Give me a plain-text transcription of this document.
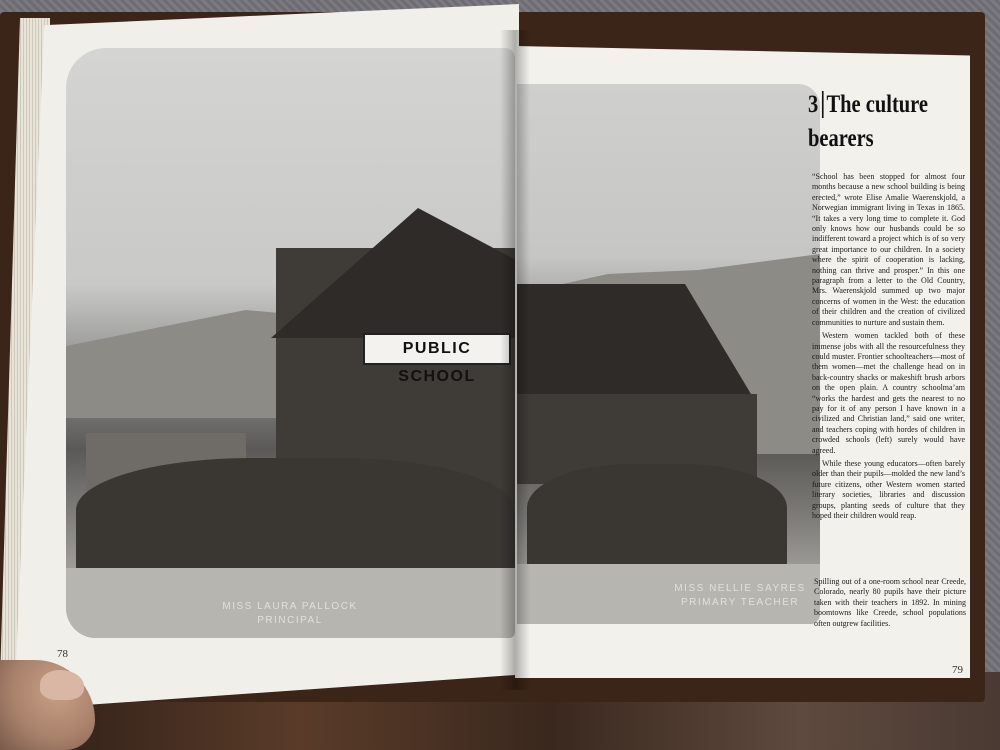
PUBLIC SCHOOL
MISS LAURA PALLOCK
PRINCIPAL
MISS NELLIE SAYRES
PRIMARY TEACHER
3 The culture
bearers

“School has been stopped for almost four months because a new school building is being erected,” wrote Elise Amalie Waerenskjold, a Norwegian immigrant living in Texas in 1865. “It takes a very long time to complete it. God only knows how our husbands could be so indifferent toward a project which is of so very great importance to our children. In a society where the spirit of cooperation is lacking, nothing can thrive and prosper.” In this one paragraph from a letter to the Old Country, Mrs. Waerenskjold summed up two major concerns of women in the West: the education of their children and the creation of civilized communities to nurture and sustain them.

Western women tackled both of these immense jobs with all the resourcefulness they could muster. Frontier schoolteachers—most of them women—met the challenge head on in back-country shacks or makeshift brush arbors on the open plain. A country schoolma’am “works the hardest and gets the nearest to no pay for it of any person I have known in a civilized and Christian land,” said one writer, and teachers coping with hordes of children in crowded schools (left) surely would have agreed.

While these young educators—often barely older than their pupils—molded the new land’s future citizens, other Western women started literary societies, libraries and discussion groups, planting seeds of culture that they hoped their children would reap.

Spilling out of a one-room school near Creede, Colorado, nearly 80 pupils have their picture taken with their teachers in 1892. In mining boomtowns like Creede, school populations often outgrew facilities.
78
79
